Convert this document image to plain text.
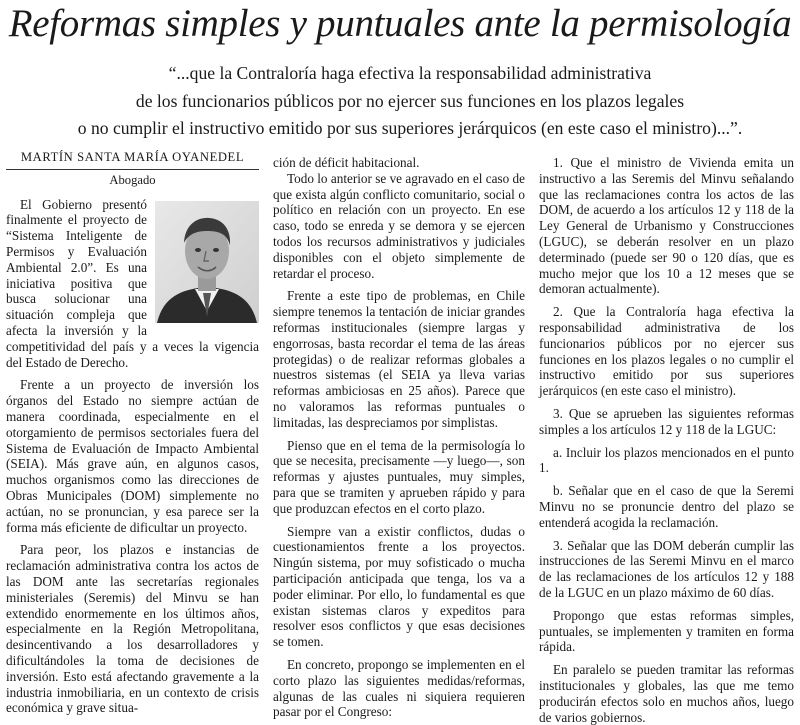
Reformas simples y puntuales ante la permisología
“...que la Contraloría haga efectiva la responsabilidad administrativa
de los funcionarios públicos por no ejercer sus funciones en los plazos legales
o no cumplir el instructivo emitido por sus superiores jerárquicos (en este caso el ministro)...”.
MARTÍN SANTA MARÍA OYANEDEL
Abogado

El Gobierno presentó finalmente el proyecto de “Sistema Inteligente de Permisos y Evaluación Ambiental 2.0”. Es una iniciativa positiva que busca solucionar una situación compleja que afecta la inversión y la competitividad del país y a veces la vigencia del Estado de Derecho.

Frente a un proyecto de inversión los órganos del Estado no siempre actúan de manera coordinada, especialmente en el otorgamiento de permisos sectoriales fuera del Sistema de Evaluación de Impacto Ambiental (SEIA). Más grave aún, en algunos casos, muchos organismos como las direcciones de Obras Municipales (DOM) simplemente no actúan, no se pronuncian, y esa parece ser la forma más eficiente de dificultar un proyecto.

Para peor, los plazos e instancias de reclamación administrativa contra los actos de las DOM ante las secretarías regionales ministeriales (Seremis) del Minvu se han extendido enormemente en los últimos años, especialmente en la Región Metropolitana, desincentivando a los desarrolladores y dificultándoles la toma de decisiones de inversión. Esto está afectando gravemente a la industria inmobiliaria, en un contexto de crisis económica y grave situa-

ción de déficit habitacional.

Todo lo anterior se ve agravado en el caso de que exista algún conflicto comunitario, social o político en relación con un proyecto. En ese caso, todo se enreda y se demora y se ejercen todos los recursos administrativos y judiciales disponibles con el objeto simplemente de retardar el proceso.

Frente a este tipo de problemas, en Chile siempre tenemos la tentación de iniciar grandes reformas institucionales (siempre largas y engorrosas, basta recordar el tema de las áreas protegidas) o de realizar reformas globales a nuestros sistemas (el SEIA ya lleva varias reformas ambiciosas en 25 años). Parece que no valoramos las reformas puntuales o limitadas, las despreciamos por simplistas.

Pienso que en el tema de la permisología lo que se necesita, precisamente —y luego—, son reformas y ajustes puntuales, muy simples, para que se tramiten y aprueben rápido y para que produzcan efectos en el corto plazo.

Siempre van a existir conflictos, dudas o cuestionamientos frente a los proyectos. Ningún sistema, por muy sofisticado o mucha participación anticipada que tenga, los va a poder eliminar. Por ello, lo fundamental es que existan sistemas claros y expeditos para resolver esos conflictos y que esas decisiones se tomen.

En concreto, propongo se implementen en el corto plazo las siguientes medidas/reformas, algunas de las cuales ni siquiera requieren pasar por el Congreso:

1. Que el ministro de Vivienda emita un instructivo a las Seremis del Minvu señalando que las reclamaciones contra los actos de las DOM, de acuerdo a los artículos 12 y 118 de la Ley General de Urbanismo y Construcciones (LGUC), se deberán resolver en un plazo determinado (puede ser 90 o 120 días, que es mucho mejor que los 10 a 12 meses que se demoran actualmente).

2. Que la Contraloría haga efectiva la responsabilidad administrativa de los funcionarios públicos por no ejercer sus funciones en los plazos legales o no cumplir el instructivo emitido por sus superiores jerárquicos (en este caso el ministro).

3. Que se aprueben las siguientes reformas simples a los artículos 12 y 118 de la LGUC:

a. Incluir los plazos mencionados en el punto 1.

b. Señalar que en el caso de que la Seremi Minvu no se pronuncie dentro del plazo se entenderá acogida la reclamación.

3. Señalar que las DOM deberán cumplir las instrucciones de las Seremi Minvu en el marco de las reclamaciones de los artículos 12 y 188 de la LGUC en un plazo máximo de 60 días.

Propongo que estas reformas simples, puntuales, se implementen y tramiten en forma rápida.

En paralelo se pueden tramitar las reformas institucionales y globales, las que me temo producirán efectos solo en muchos años, luego de varios gobiernos.
